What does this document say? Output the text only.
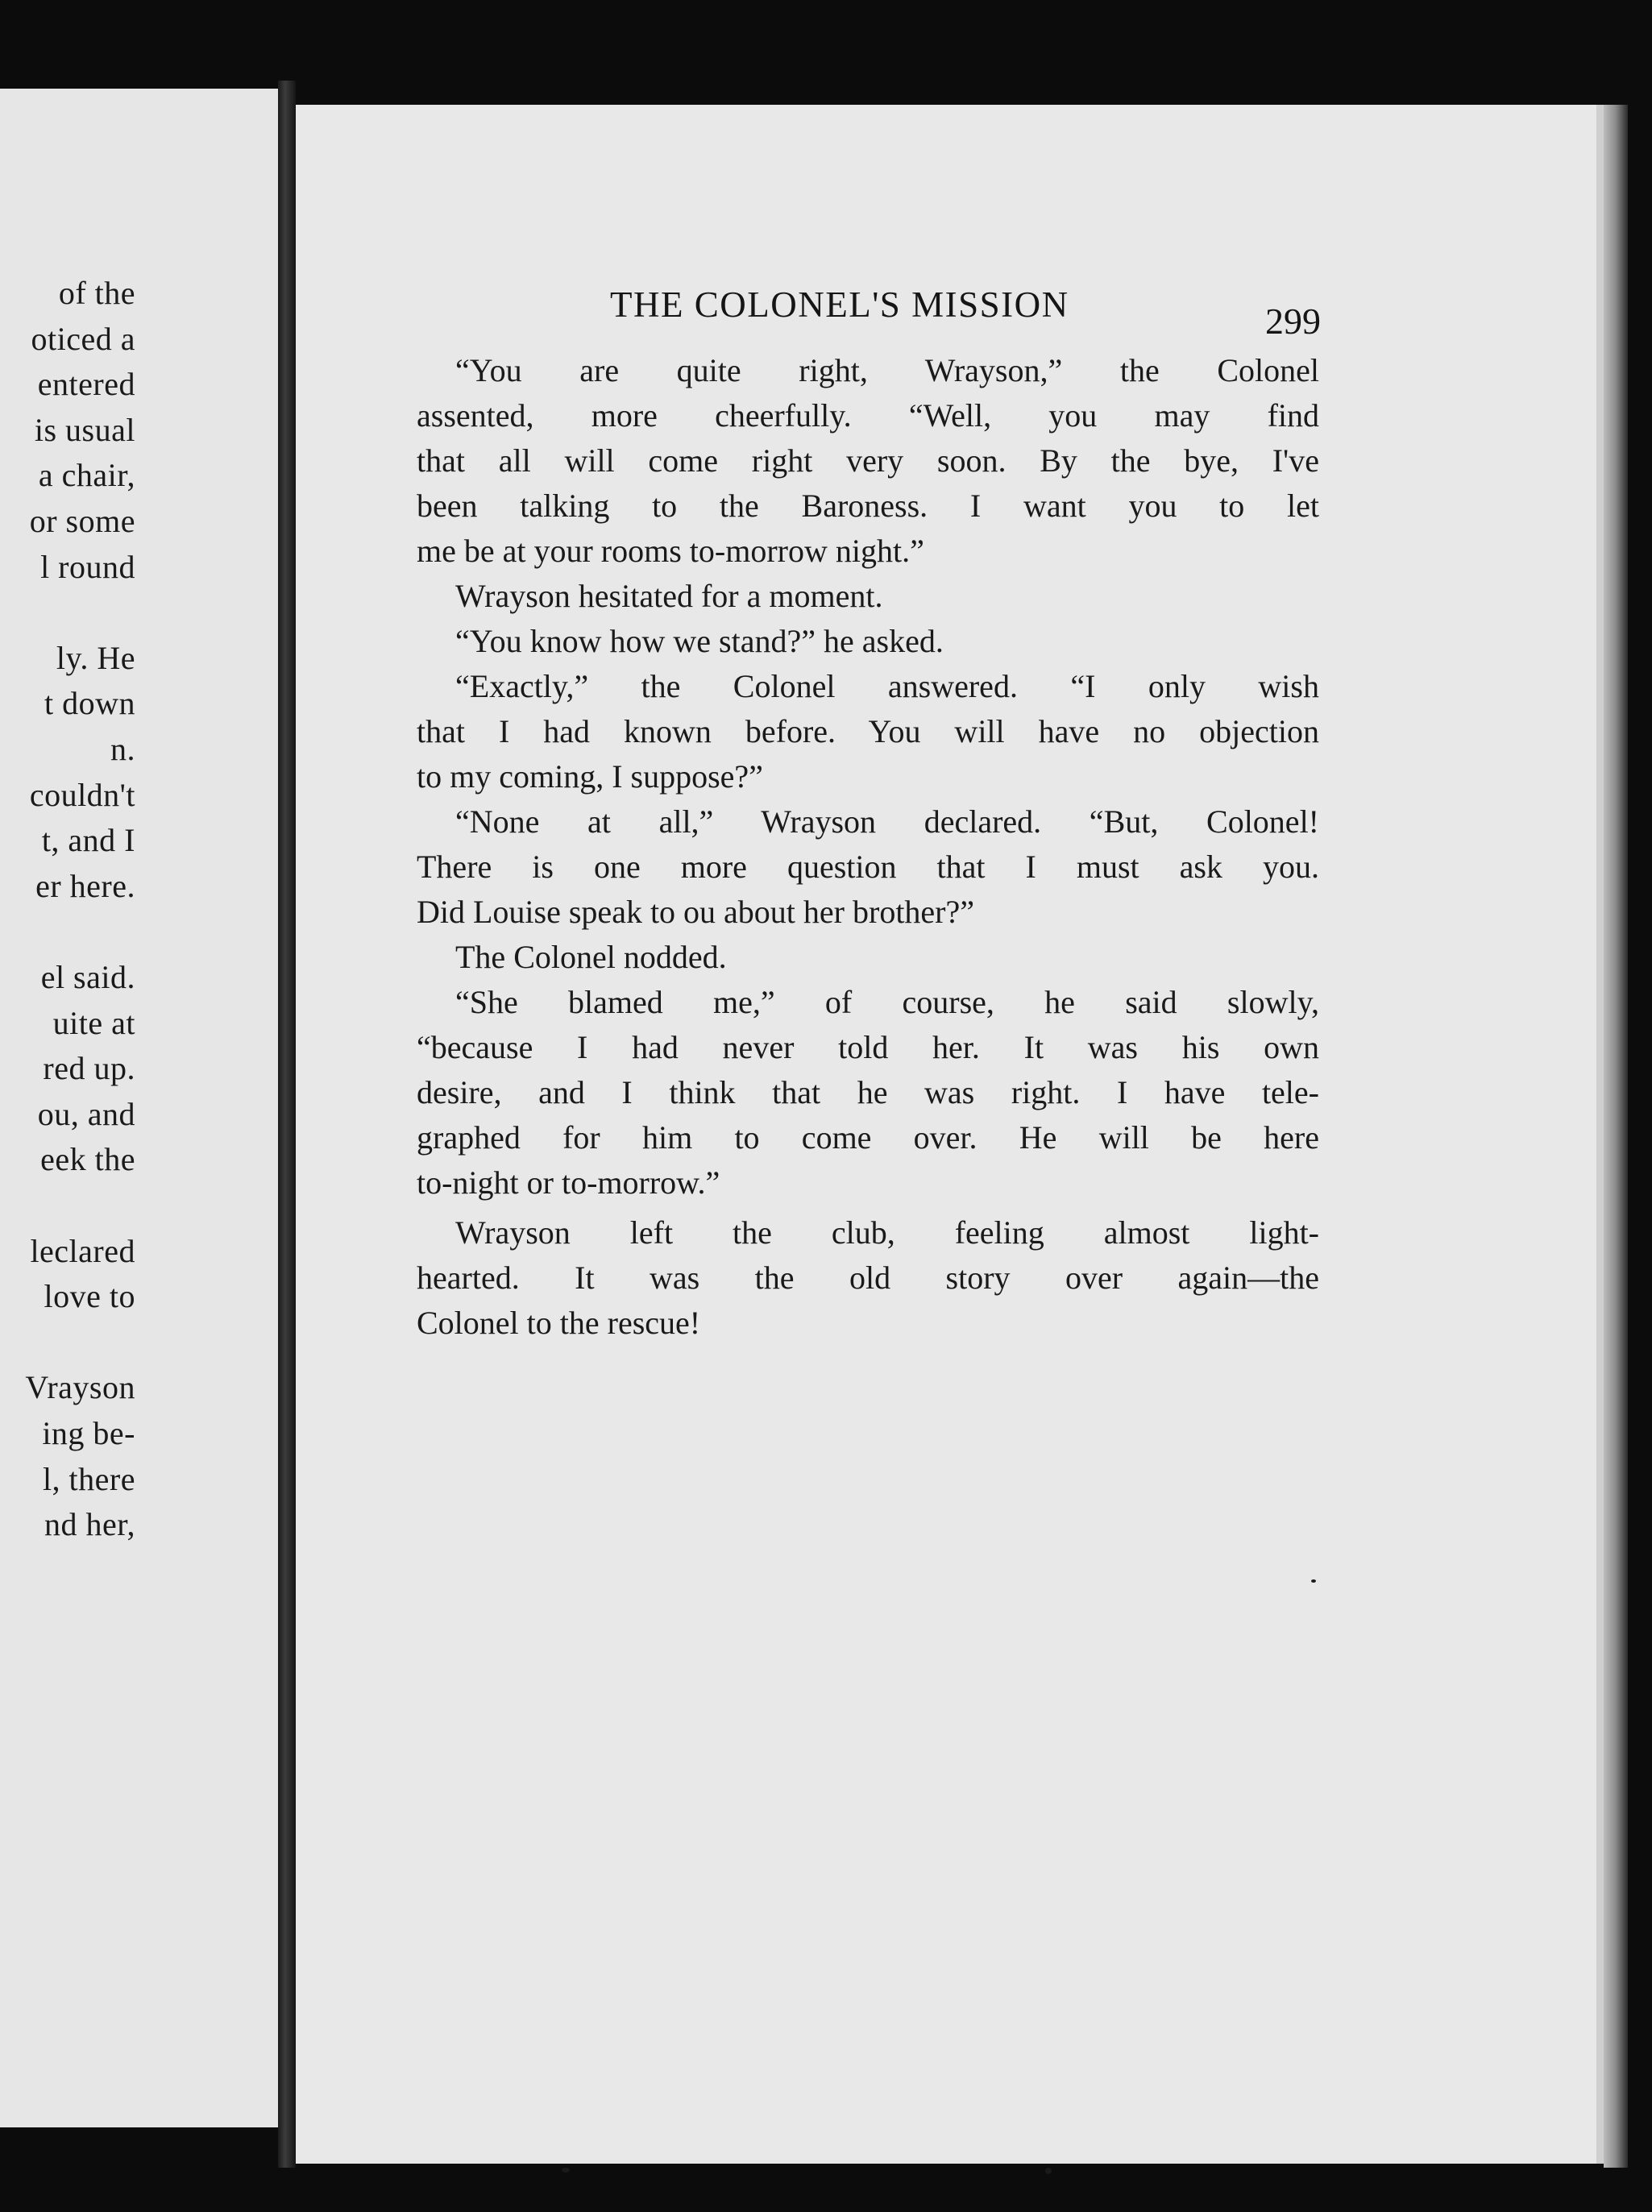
of the
oticed a
entered
is usual
a chair,
or some
l round
ly. He
t down
n.
couldn't
t, and I
er here.
el said.
uite at
red up.
ou, and
eek the
leclared
love to
Vrayson
ing be-
l, there
nd her,
THE COLONEL'S MISSION	299
“You are quite right, Wrayson,” the Colonel
assented, more cheerfully. “Well, you may find
that all will come right very soon. By the bye, I've
been talking to the Baroness. I want you to let
me be at your rooms to-morrow night.”
Wrayson hesitated for a moment.
“You know how we stand?” he asked.
“Exactly,” the Colonel answered. “I only wish
that I had known before. You will have no objection
to my coming, I suppose?”
“None at all,” Wrayson declared. “But, Colonel!
There is one more question that I must ask you.
Did Louise speak to ou about her brother?”
The Colonel nodded.
“She blamed me,” of course, he said slowly,
“because I had never told her. It was his own
desire, and I think that he was right. I have tele-
graphed for him to come over. He will be here
to-night or to-morrow.”
Wrayson left the club, feeling almost light-
hearted. It was the old story over again—the
Colonel to the rescue!
